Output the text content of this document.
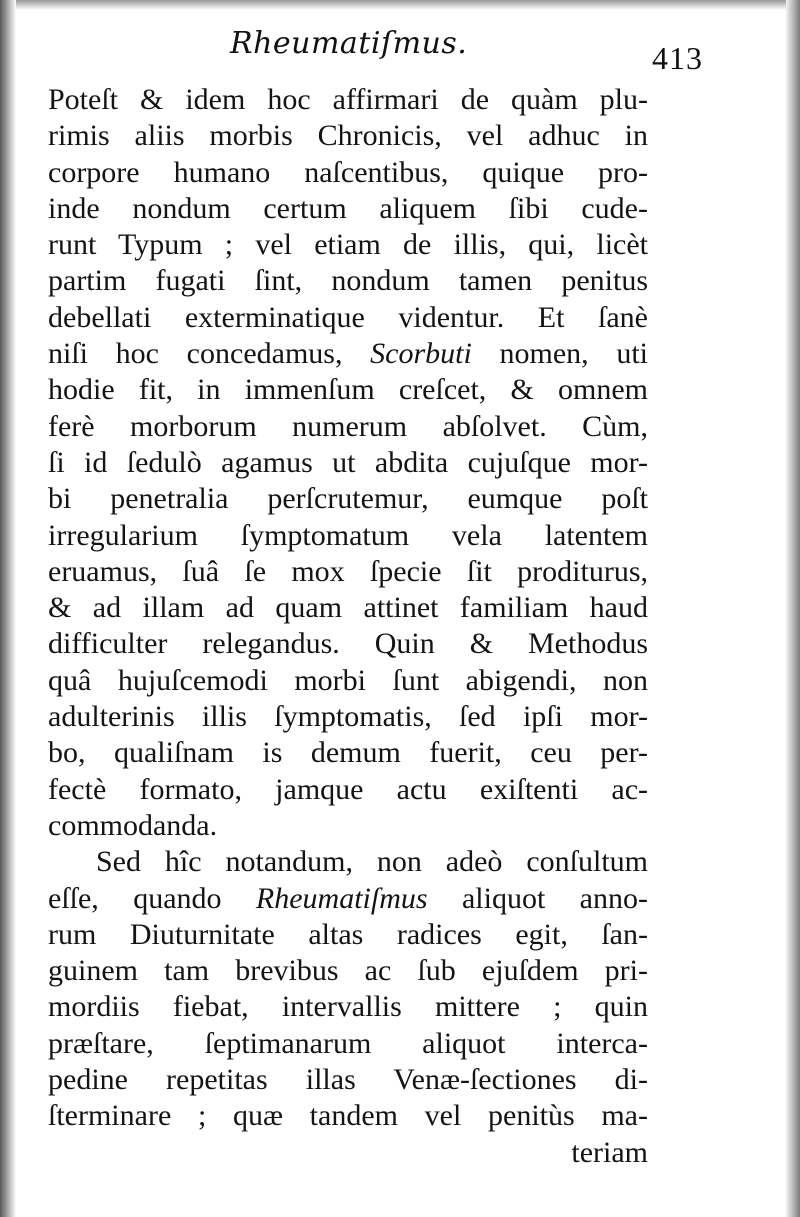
Rheumatiſmus.	413
Poteſt & idem hoc affirmari de quàm plu-
rimis aliis morbis Chronicis, vel adhuc in
corpore humano naſcentibus, quique pro-
inde nondum certum aliquem ſibi cude-
runt Typum ; vel etiam de illis, qui, licèt
partim fugati ſint, nondum tamen penitus
debellati exterminatique videntur. Et ſanè
niſi hoc concedamus, Scorbuti nomen, uti
hodie fit, in immenſum creſcet, & omnem
ferè morborum numerum abſolvet. Cùm,
ſi id ſedulò agamus ut abdita cujuſque mor-
bi penetralia perſcrutemur, eumque poſt
irregularium ſymptomatum vela latentem
eruamus, ſuâ ſe mox ſpecie ſit proditurus,
& ad illam ad quam attinet familiam haud
difficulter relegandus. Quin & Methodus
quâ hujuſcemodi morbi ſunt abigendi, non
adulterinis illis ſymptomatis, ſed ipſi mor-
bo, qualiſnam is demum fuerit, ceu per-
fectè formato, jamque actu exiſtenti ac-
commodanda.
Sed hîc notandum, non adeò conſultum
eſſe, quando Rheumatiſmus aliquot anno-
rum Diuturnitate altas radices egit, ſan-
guinem tam brevibus ac ſub ejuſdem pri-
mordiis fiebat, intervallis mittere ; quin
præſtare, ſeptimanarum aliquot interca-
pedine repetitas illas Venæ-ſectiones di-
ſterminare ; quæ tandem vel penitùs ma-
teriam
